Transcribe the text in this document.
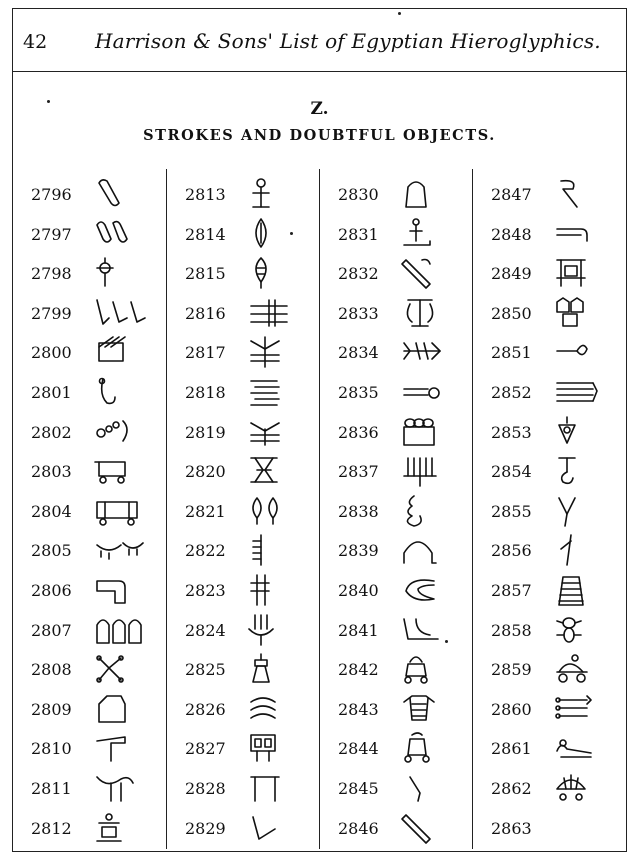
42 Harrison & Sons' List of Egyptian Hieroglyphics.
Z.
STROKES AND DOUBTFUL OBJECTS.
2796
2797
2798
2799
2800
2801
2802
2803
2804
2805
2806
2807
2808
2809
2810
2811
2812
2813
2814
2815
2816
2817
2818
2819
2820
2821
2822
2823
2824
2825
2826
2827
2828
2829
2830
2831
2832
2833
2834
2835
2836
2837
2838
2839
2840
2841
2842
2843
2844
2845
2846
2847
2848
2849
2850
2851
2852
2853
2854
2855
2856
2857
2858
2859
2860
2861
2862
2863
